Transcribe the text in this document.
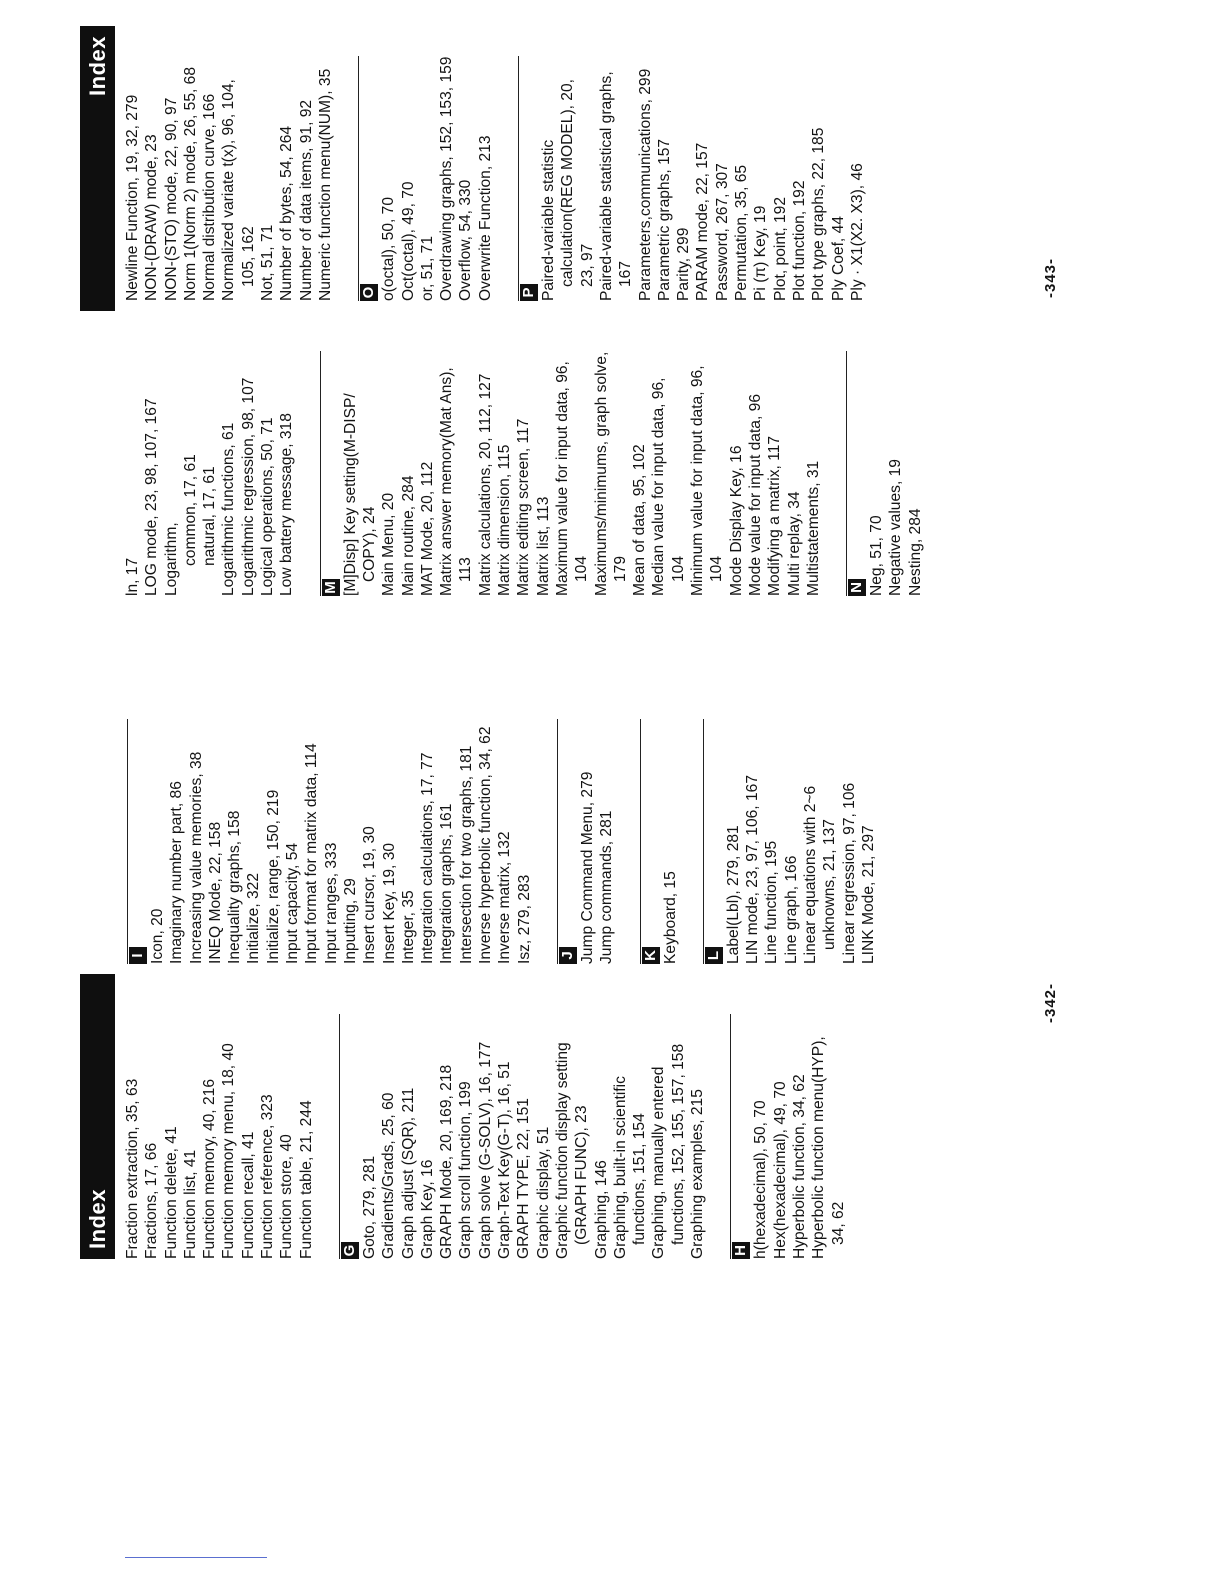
Index Fraction extraction, 35, 63 Fractions, 17, 66 Function delete, 41 Function list, 41 Function memory, 40, 216 Function memory menu, 18, 40 Function recall, 41 Function reference, 323 Function store, 40 Function table, 21, 244 G Goto, 279, 281 Gradients/Grads, 25, 60 Graph adjust (SQR), 211 Graph Key, 16 GRAPH Mode, 20, 169, 218 Graph scroll function, 199 Graph solve (G-SOLV), 16, 177 Graph-Text Key(G-T), 16, 51 GRAPH TYPE, 22, 151 Graphic display, 51 Graphic function display setting (GRAPH FUNC), 23 Graphing, 146 Graphing, built-in scientific functions, 151, 154 Graphing, manually entered functions, 152, 155, 157, 158 Graphing examples, 215 H h(hexadecimal), 50, 70 Hex(hexadecimal), 49, 70 Hyperbolic function, 34, 62 Hyperbolic function menu(HYP), 34, 62
I Icon, 20 Imaginary number part, 86 Increasing value memories, 38 INEQ Mode, 22, 158 Inequality graphs, 158 Initialize, 322 Initialize, range, 150, 219 Input capacity, 54 Input format for matrix data, 114 Input ranges, 333 Inputting, 29 Insert cursor, 19, 30 Insert Key, 19, 30 Integer, 35 Integration calculations, 17, 77 Integration graphs, 161 Intersection for two graphs, 181 Inverse hyperbolic function, 34, 62 Inverse matrix, 132 Isz, 279, 283 J Jump Command Menu, 279 Jump commands, 281 K Keyboard, 15 L Label(Lbl), 279, 281 LIN mode, 23, 97, 106, 167 Line function, 195 Line graph, 166 Linear equations with 2~6 unknowns, 21, 137 Linear regression, 97, 106 LINK Mode, 21, 297
-342-
Index
ln, 17 LOG mode, 23, 98, 107, 167 Logarithm, common, 17, 61 natural, 17, 61 Logarithmic functions, 61 Logarithmic regression, 98, 107 Logical operations, 50, 71 Low battery message, 318 M [M]Disp] Key setting(M-DISP/ COPY), 24 Main Menu, 20 Main routine, 284 MAT Mode, 20, 112 Matrix answer memory(Mat Ans), 113 Matrix calculations, 20, 112, 127 Matrix dimension, 115 Matrix editing screen, 117 Matrix list, 113 Maximum value for input data, 96, 104 Maximums/minimums, graph solve, 179 Mean of data, 95, 102 Median value for input data, 96, 104 Minimum value for input data, 96, 104 Mode Display Key, 16 Mode value for input data, 96 Modifying a matrix, 117 Multi replay, 34 Multistatements, 31 N Neg, 51, 70 Negative values, 19 Nesting, 284
Newline Function, 19, 32, 279 NON-(DRAW) mode, 23 NON-(STO) mode, 22, 90, 97 Norm 1(Norm 2) mode, 26, 55, 68 Normal distribution curve, 166 Normalized variate t(x), 96, 104, 105, 162 Not, 51, 71 Number of bytes, 54, 264 Number of data items, 91, 92 Numeric function menu(NUM), 35 O o(octal), 50, 70 Oct(octal), 49, 70 or, 51, 71 Overdrawing graphs, 152, 153, 159 Overflow, 54, 330 Overwrite Function, 213 P Paired-variable statistic calculation(REG MODEL), 20, 23, 97 Paired-variable statistical graphs, 167 Parameters,communications, 299 Parametric graphs, 157 Parity, 299 PARAM mode, 22, 157 Password, 267, 307 Permutation, 35, 65 Pi (π) Key, 19 Plot, point, 192 Plot function, 192 Plot type graphs, 22, 185 Ply Coef, 44 Ply · X1(X2. X3), 46	-343-
